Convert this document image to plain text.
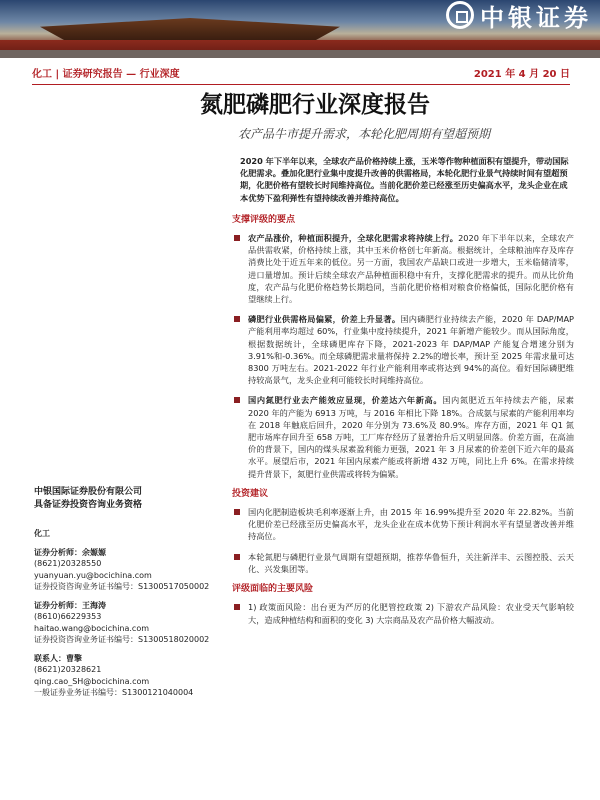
中银证券
化工 | 证券研究报告 — 行业深度	2021 年 4 月 20 日
氮肥磷肥行业深度报告
农产品牛市提升需求，本轮化肥周期有望超预期
2020 年下半年以来，全球农产品价格持续上涨，玉米等作物种植面积有望提升，带动国际化肥需求。叠加化肥行业集中度提升改善的供需格局，本轮化肥行业景气持续时间有望超预期，化肥价格有望较长时间维持高位。当前化肥价差已经涨至历史偏高水平，龙头企业在成本优势下盈利弹性有望持续改善并维持高位。
支撑评级的要点
农产品涨价，种植面积提升，全球化肥需求将持续上行。2020 年下半年以来，全球农产品供需收紧，价格持续上涨，其中玉米价格创七年新高。根据统计，全球粮油库存及库存消费比处于近五年来的低位。另一方面，我国农产品缺口或进一步增大，玉米临储清零，进口量增加。预计后续全球农产品种植面积稳中有升，支撑化肥需求的提升。而从比价角度，农产品与化肥价格趋势长期趋同，当前化肥价格相对粮食价格偏低，国际化肥价格有望继续上行。
磷肥行业供需格局偏紧，价差上升显著。国内磷肥行业持续去产能，2020 年 DAP/MAP 产能利用率均超过 60%，行业集中度持续提升，2021 年新增产能较少。而从国际角度，根据数据统计，全球磷肥库存下降，2021-2023 年 DAP/MAP 产能复合增速分别为 3.91%和-0.36%。而全球磷肥需求量将保持 2.2%的增长率，预计至 2025 年需求量可达 8300 万吨左右。2021-2022 年行业产能利用率或将达到 94%的高位。看好国际磷肥维持较高景气，龙头企业利可能较长时间维持高位。
国内氮肥行业去产能效应显现，价差达六年新高。国内氮肥近五年持续去产能，尿素 2020 年的产能为 6913 万吨，与 2016 年相比下降 18%。合成氨与尿素的产能利用率均在 2018 年触底后回升，2020 年分别为 73.6%及 80.9%。库存方面，2021 年 Q1 氮肥市场库存回升至 658 万吨，工厂库存经历了显著抬升后又明显回落。价差方面，在高油价的背景下，国内的煤头尿素盈利能力更强，2021 年 3 月尿素的价差创下近六年的最高水平。展望后市，2021 年国内尿素产能或将新增 432 万吨，同比上升 6%。在需求持续提升背景下，氮肥行业供需或将转为偏紧。
投资建议
国内化肥制造板块毛利率逐渐上升，由 2015 年 16.99%提升至 2020 年 22.82%。当前化肥价差已经涨至历史偏高水平，龙头企业在成本优势下预计利润水平有望显著改善并维持高位。
本轮氮肥与磷肥行业景气周期有望超预期，推荐华鲁恒升，关注新洋丰、云图控股、云天化、兴发集团等。
评级面临的主要风险
1) 政策面风险：出台更为严厉的化肥管控政策 2) 下游农产品风险：农业受天气影响较大，造成种植结构和面积的变化 3) 大宗商品及农产品价格大幅波动。
中银国际证券股份有限公司
具备证券投资咨询业务资格
化工
证券分析师：余嫄嫄
(8621)20328550
yuanyuan.yu@bocichina.com
证券投资咨询业务证书编号：S1300517050002
证券分析师：王海涛
(8610)66229353
haitao.wang@bocichina.com
证券投资咨询业务证书编号：S1300518020002
联系人：曹擎
(8621)20328621
qing.cao_SH@bocichina.com
一般证券业务证书编号：S1300121040004
